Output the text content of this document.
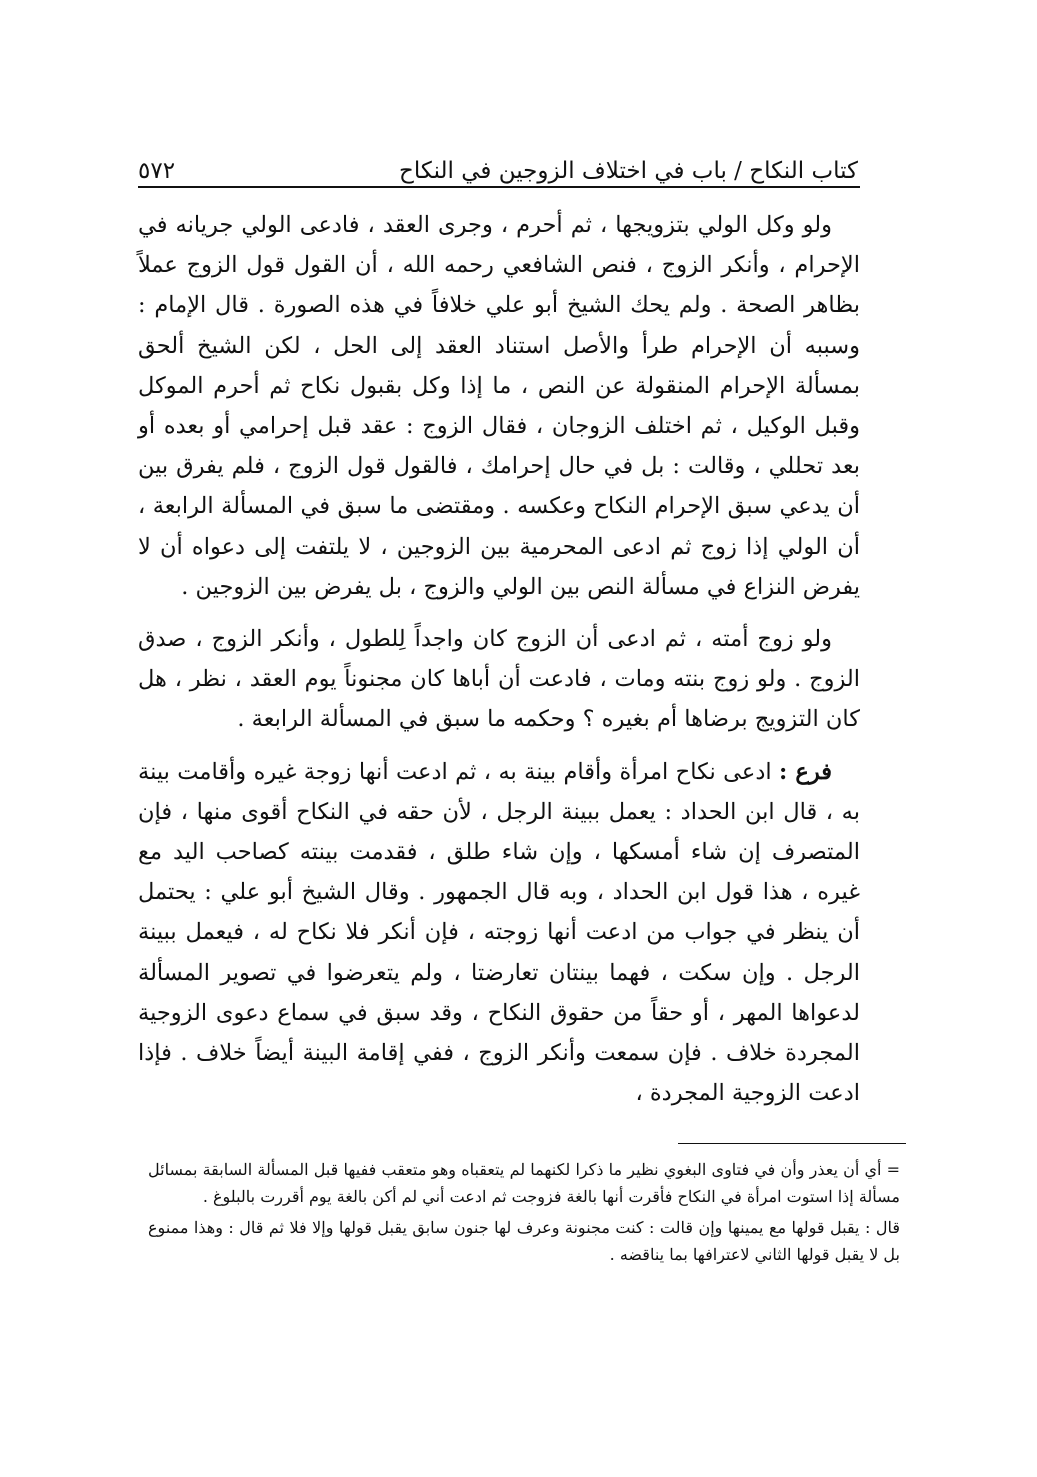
كتاب النكاح / باب في اختلاف الزوجين في النكاح
٥٧٢

ولو وكل الولي بتزويجها ، ثم أحرم ، وجرى العقد ، فادعى الولي جريانه في الإحرام ، وأنكر الزوج ، فنص الشافعي رحمه الله ، أن القول قول الزوج عملاً بظاهر الصحة . ولم يحك الشيخ أبو علي خلافاً في هذه الصورة . قال الإمام : وسببه أن الإحرام طرأ والأصل استناد العقد إلى الحل ، لكن الشيخ ألحق بمسألة الإحرام المنقولة عن النص ، ما إذا وكل بقبول نكاح ثم أحرم الموكل وقبل الوكيل ، ثم اختلف الزوجان ، فقال الزوج : عقد قبل إحرامي أو بعده أو بعد تحللي ، وقالت : بل في حال إحرامك ، فالقول قول الزوج ، فلم يفرق بين أن يدعي سبق الإحرام النكاح وعكسه . ومقتضى ما سبق في المسألة الرابعة ، أن الولي إذا زوج ثم ادعى المحرمية بين الزوجين ، لا يلتفت إلى دعواه أن لا يفرض النزاع في مسألة النص بين الولي والزوج ، بل يفرض بين الزوجين .

ولو زوج أمته ، ثم ادعى أن الزوج كان واجداً لِلطول ، وأنكر الزوج ، صدق الزوج . ولو زوج بنته ومات ، فادعت أن أباها كان مجنوناً يوم العقد ، نظر ، هل كان التزويج برضاها أم بغيره ؟ وحكمه ما سبق في المسألة الرابعة .

فرع : ادعى نكاح امرأة وأقام بينة به ، ثم ادعت أنها زوجة غيره وأقامت بينة به ، قال ابن الحداد : يعمل ببينة الرجل ، لأن حقه في النكاح أقوى منها ، فإن المتصرف إن شاء أمسكها ، وإن شاء طلق ، فقدمت بينته كصاحب اليد مع غيره ، هذا قول ابن الحداد ، وبه قال الجمهور . وقال الشيخ أبو علي : يحتمل أن ينظر في جواب من ادعت أنها زوجته ، فإن أنكر فلا نكاح له ، فيعمل ببينة الرجل . وإن سكت ، فهما بينتان تعارضتا ، ولم يتعرضوا في تصوير المسألة لدعواها المهر ، أو حقاً من حقوق النكاح ، وقد سبق في سماع دعوى الزوجية المجردة خلاف . فإن سمعت وأنكر الزوج ، ففي إقامة البينة أيضاً خلاف . فإذا ادعت الزوجية المجردة ،

= أي أن يعذر وأن في فتاوى البغوي نظير ما ذكرا لكنهما لم يتعقباه وهو متعقب ففيها قبل المسألة السابقة بمسائل مسألة إذا استوت امرأة في النكاح فأقرت أنها بالغة فزوجت ثم ادعت أني لم أكن بالغة يوم أقررت بالبلوغ .

قال : يقبل قولها مع يمينها وإن قالت : كنت مجنونة وعرف لها جنون سابق يقبل قولها وإلا فلا ثم قال : وهذا ممنوع بل لا يقبل قولها الثاني لاعترافها بما يناقضه .
